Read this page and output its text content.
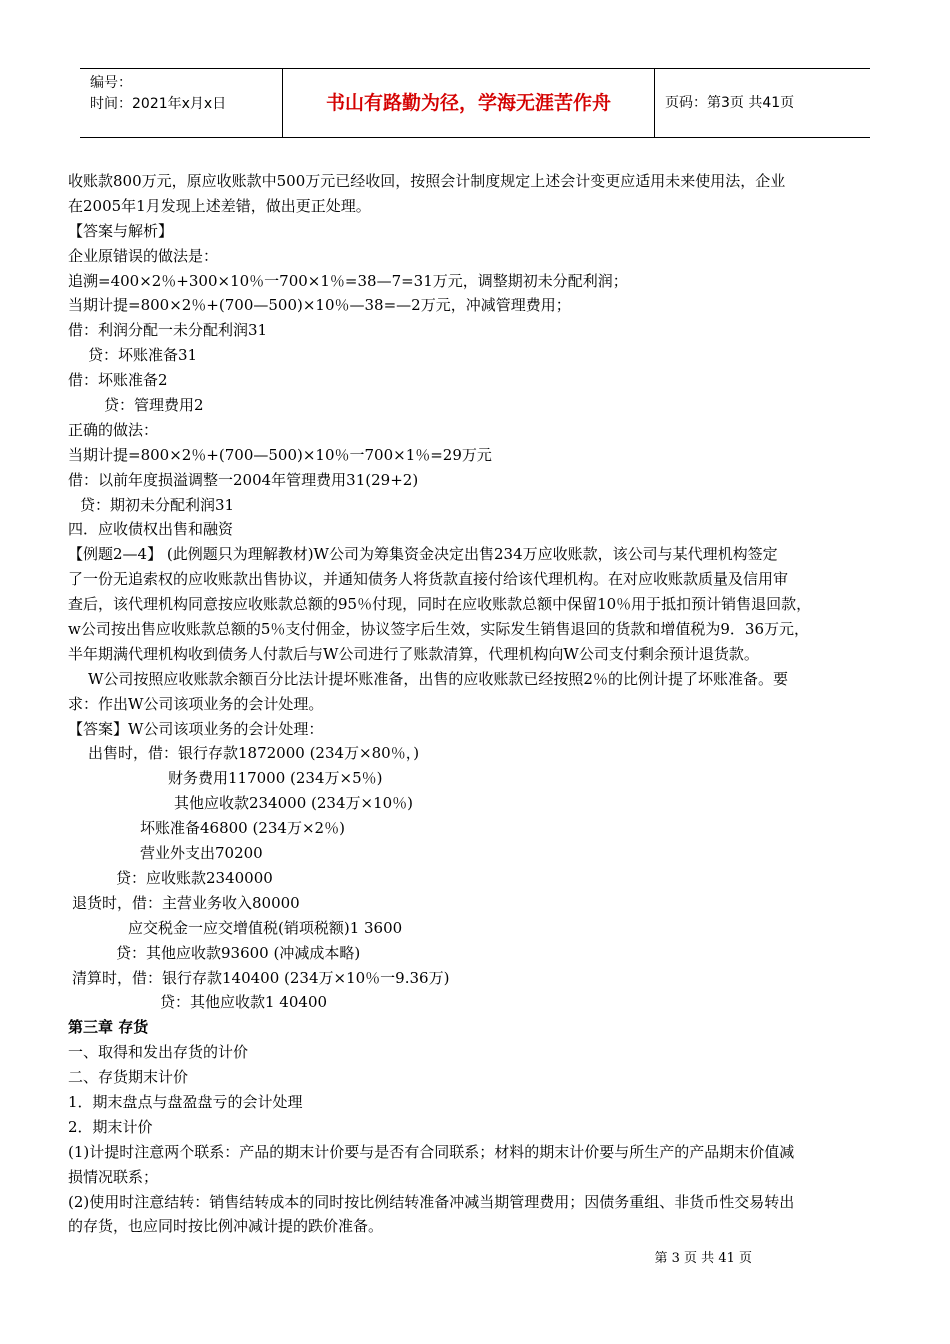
编号：
时间：2021年x月x日	书山有路勤为径，学海无涯苦作舟	页码：第3页 共41页
收账款800万元，原应收账款中500万元已经收回，按照会计制度规定上述会计变更应适用未来使用法，企业
在2005年1月发现上述差错，做出更正处理。
【答案与解析】
企业原错误的做法是：
追溯=400×2％+300×10％一700×1％=38—7=31万元，调整期初未分配利润；
当期计提=800×2％+(700—500)×10％—38=—2万元，冲减管理费用；
借：利润分配一未分配利润31
贷：坏账准备31
借：坏账准备2
贷：管理费用2
正确的做法：
当期计提=800×2％+(700—500)×10％一700×1％=29万元
借：以前年度损溢调整一2004年管理费用31(29+2)
贷：期初未分配利润31
四．应收债权出售和融资
【例题2—4】 (此例题只为理解教材)W公司为筹集资金决定出售234万应收账款，该公司与某代理机构签定
了一份无追索权的应收账款出售协议，并通知债务人将货款直接付给该代理机构。在对应收账款质量及信用审
查后，该代理机构同意按应收账款总额的95％付现，同时在应收账款总额中保留10％用于抵扣预计销售退回款，
w公司按出售应收账款总额的5％支付佣金，协议签字后生效，实际发生销售退回的货款和增值税为9．36万元，
半年期满代理机构收到债务人付款后与W公司进行了账款清算，代理机构向W公司支付剩余预计退货款。
W公司按照应收账款余额百分比法计提坏账准备，出售的应收账款已经按照2％的比例计提了坏账准备。要
求：作出W公司该项业务的会计处理。
【答案】W公司该项业务的会计处理：
出售时，借：银行存款1872000 (234万×80％，)
财务费用117000 (234万×5％)
其他应收款234000 (234万×10％)
坏账准备46800 (234万×2％)
营业外支出70200
贷：应收账款2340000
退货时，借：主营业务收入80000
应交税金一应交增值税(销项税额)1 3600
贷：其他应收款93600 (冲减成本略)
清算时，借：银行存款140400 (234万×10％一9.36万)
贷：其他应收款1 40400
第三章 存货
一、取得和发出存货的计价
二、存货期末计价
1．期末盘点与盘盈盘亏的会计处理
2．期末计价
(1)计提时注意两个联系：产品的期末计价要与是否有合同联系；材料的期末计价要与所生产的产品期末价值减
损情况联系；
(2)使用时注意结转：销售结转成本的同时按比例结转准备冲减当期管理费用；因债务重组、非货币性交易转出
的存货，也应同时按比例冲减计提的跌价准备。
第 3 页 共 41 页
